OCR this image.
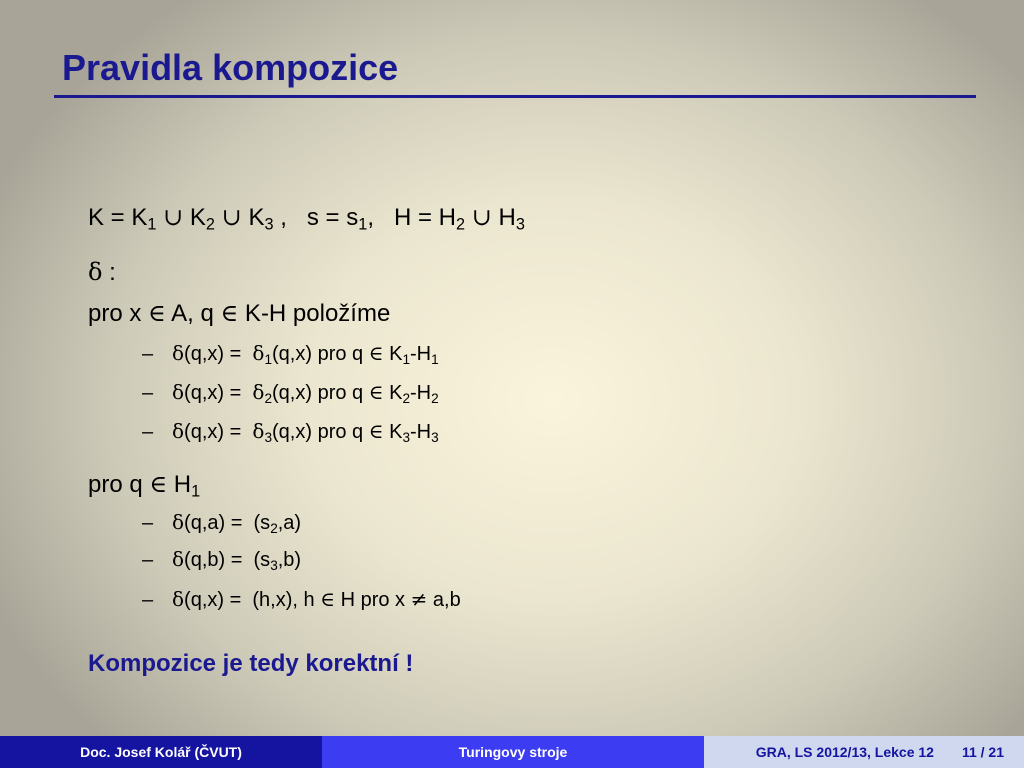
Pravidla kompozice
$K = K_1$ ∪ $K_2$ ∪ $K_3$ ,   $s = s_1$,   $H = H_2$ ∪ $H_3$
δ :
pro x ∈ A, q ∈ K-H položíme
– $\delta(q,x) = \delta_1(q,x)$ pro q ∈ $K_1-H_1$
– $\delta(q,x) = \delta_2(q,x)$ pro q ∈ $K_2-H_2$
– $\delta(q,x) = \delta_3(q,x)$ pro q ∈ $K_3-H_3$
pro q ∈ $H_1$
– $\delta(q,a) = (s_2,a)$
– $\delta(q,b) = (s_3,b)$
– δ(q,x) =  (h,x), h ∈ H pro x ≠ a,b
Kompozice je tedy korektní !
Doc. Josef Kolář (ČVUT)	Turingovy stroje	GRA, LS 2012/13, Lekce 12 11 / 21
